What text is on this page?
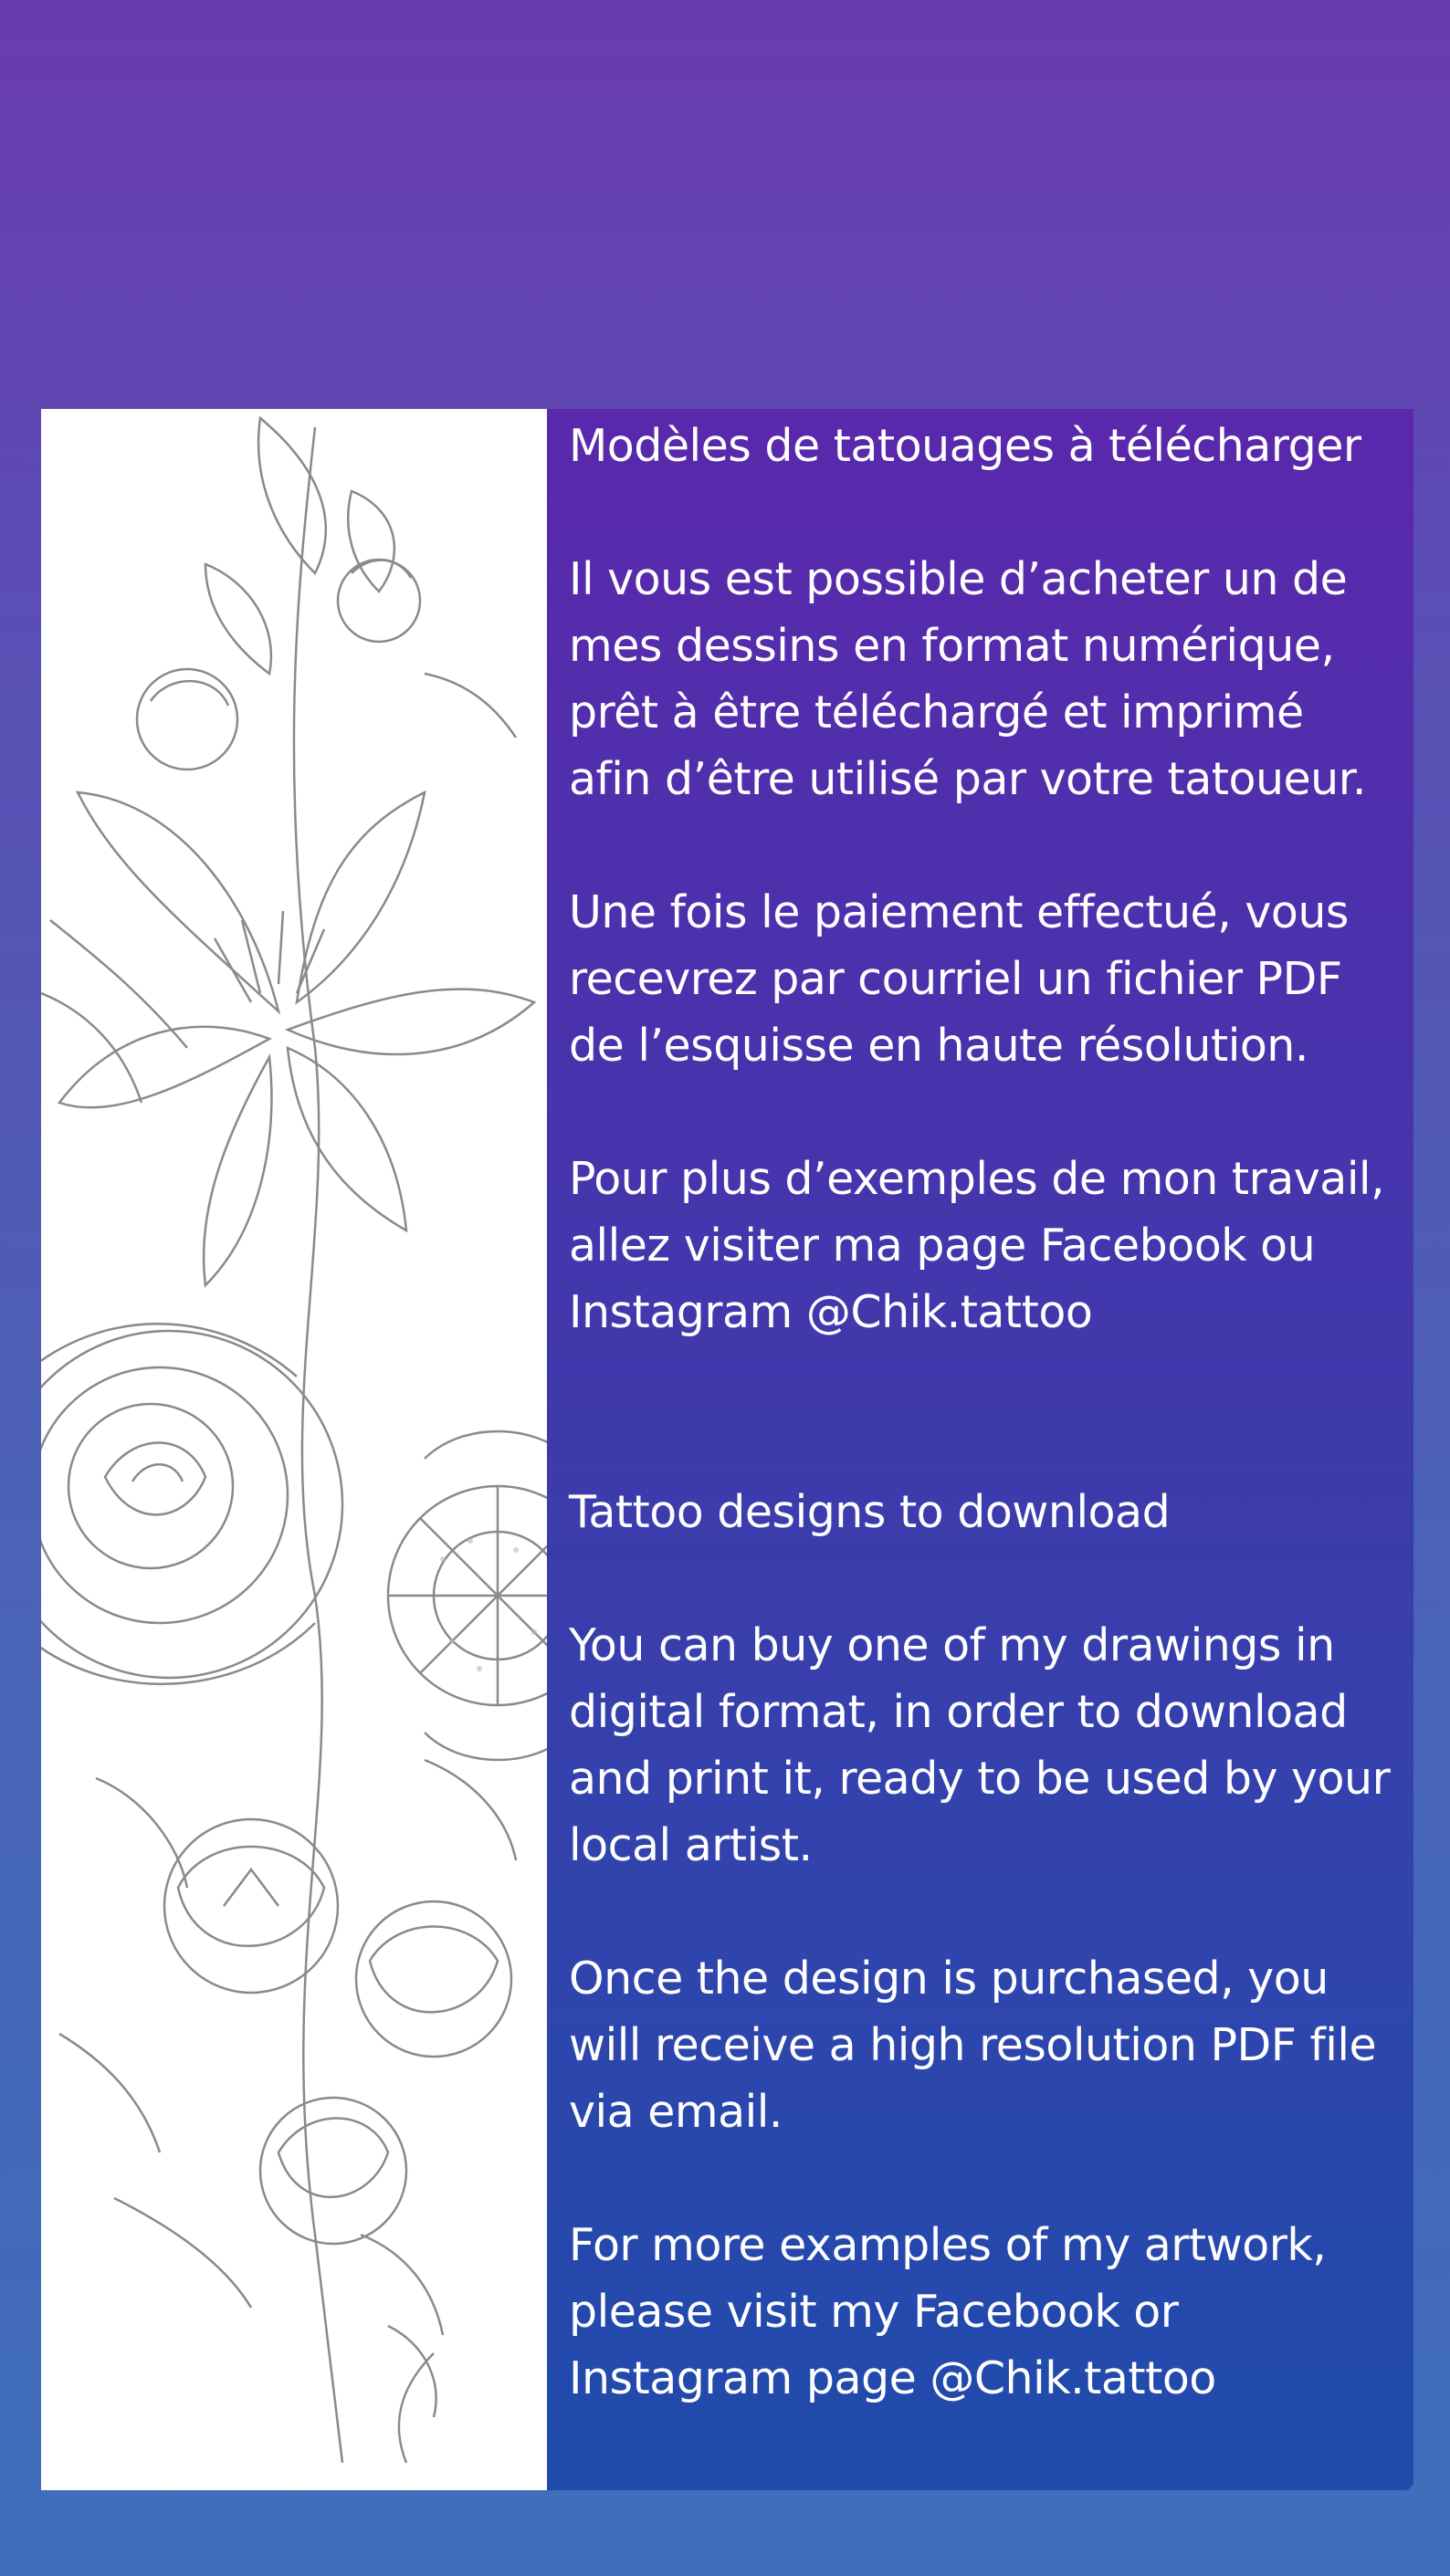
Modèles de tatouages à télécharger

Il vous est possible d’acheter un de mes dessins en format numérique, prêt à être téléchargé et imprimé afin d’être utilisé par votre tatoueur.

Une fois le paiement effectué, vous recevrez par courriel un fichier PDF de l’esquisse en haute résolution.

Pour plus d’exemples de mon travail, allez visiter ma page Facebook ou Instagram @Chik.tattoo

Tattoo designs to download

You can buy one of my drawings in digital format, in order to download and print it, ready to be used by your local artist.

Once the design is purchased, you will receive a high resolution PDF file via email.

For more examples of my artwork, please visit my Facebook or Instagram page @Chik.tattoo
